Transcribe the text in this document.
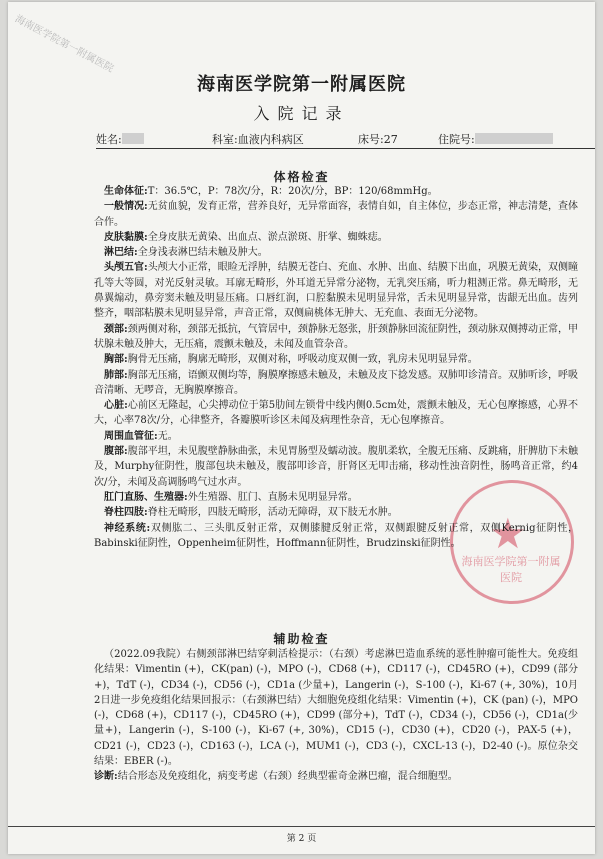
海南医学院第一附属医院
★
海南医学院第一附属医院
海南医学院第一附属医院
入院记录
姓名:	科室:血液内科病区	床号:27	住院号:
体格检查

生命体征:T：36.5℃，P：78次/分，R：20次/分，BP：120/68mmHg。

一般情况:无贫血貌，发育正常，营养良好，无异常面容，表情自如，自主体位，步态正常，神志清楚，查体合作。

皮肤黏膜:全身皮肤无黄染、出血点、淤点淤斑、肝掌、蜘蛛痣。

淋巴结:全身浅表淋巴结未触及肿大。

头颅五官:头颅大小正常，眼睑无浮肿，结膜无苍白、充血、水肿、出血、结膜下出血，巩膜无黄染，双侧瞳孔等大等圆，对光反射灵敏。耳廓无畸形，外耳道无异常分泌物，无乳突压痛，听力粗测正常。鼻无畸形，无鼻翼煽动，鼻旁窦未触及明显压痛。口唇红润，口腔黏膜未见明显异常，舌未见明显异常，齿龈无出血。齿列整齐，咽部粘膜未见明显异常，声音正常，双侧扁桃体无肿大、无充血、表面无分泌物。

颈部:颈两侧对称，颈部无抵抗，气管居中，颈静脉无怒张，肝颈静脉回流征阴性，颈动脉双侧搏动正常，甲状腺未触及肿大，无压痛，震颤未触及，未闻及血管杂音。

胸部:胸骨无压痛，胸廓无畸形，双侧对称，呼吸动度双侧一致，乳房未见明显异常。

肺部:胸部无压痛，语颤双侧均等，胸膜摩擦感未触及，未触及皮下捻发感。双肺叩诊清音。双肺听诊，呼吸音清晰、无啰音，无胸膜摩擦音。

心脏:心前区无隆起，心尖搏动位于第5肋间左锁骨中线内侧0.5cm处，震颤未触及，无心包摩擦感，心界不大，心率78次/分，心律整齐，各瓣膜听诊区未闻及病理性杂音，无心包摩擦音。

周围血管征:无。

腹部:腹部平坦，未见腹壁静脉曲张，未见胃肠型及蠕动波。腹肌柔软，全腹无压痛、反跳痛，肝脾肋下未触及，Murphy征阴性，腹部包块未触及，腹部叩诊音，肝肾区无叩击痛，移动性浊音阴性，肠鸣音正常，约4次/分，未闻及高调肠鸣气过水声。

肛门直肠、生殖器:外生殖器、肛门、直肠未见明显异常。

脊柱四肢:脊柱无畸形，四肢无畸形，活动无障碍，双下肢无水肿。

神经系统:双侧肱二、三头肌反射正常，双侧膝腱反射正常，双侧跟腱反射正常，双侧Kernig征阴性，Babinski征阴性，Oppenheim征阴性，Hoffmann征阴性，Brudzinski征阴性。

辅助检查

（2022.09我院）右侧颈部淋巴结穿刺活检提示：（右颈）考虑淋巴造血系统的恶性肿瘤可能性大。免疫组化结果：Vimentin (+)，CK(pan) (-)，MPO (-)，CD68 (+)，CD117 (-)，CD45RO (+)，CD99 (部分+)，TdT (-)，CD34 (-)，CD56 (-)，CD1a (少量+)，Langerin (-)，S-100 (-)，Ki-67 (+, 30%)，10月2日进一步免疫组化结果回报示：（右颈淋巴结）大细胞免疫组化结果：Vimentin (+)，CK (pan) (-)，MPO (-)，CD68 (+)，CD117 (-)，CD45RO (+)，CD99 (部分+)，TdT (-)，CD34 (-)，CD56 (-)，CD1a(少量+)，Langerin (-)，S-100 (-)，Ki-67 (+, 30%)，CD15 (-)，CD30 (+)，CD20 (-)，PAX-5 (+)，CD21 (-)，CD23 (-)，CD163 (-)，LCA (-)，MUM1 (-)，CD3 (-)，CXCL-13 (-)，D2-40 (-)。原位杂交结果：EBER (-)。

诊断:结合形态及免疫组化，病变考虑（右颈）经典型霍奇金淋巴瘤，混合细胞型。

第 2 页
